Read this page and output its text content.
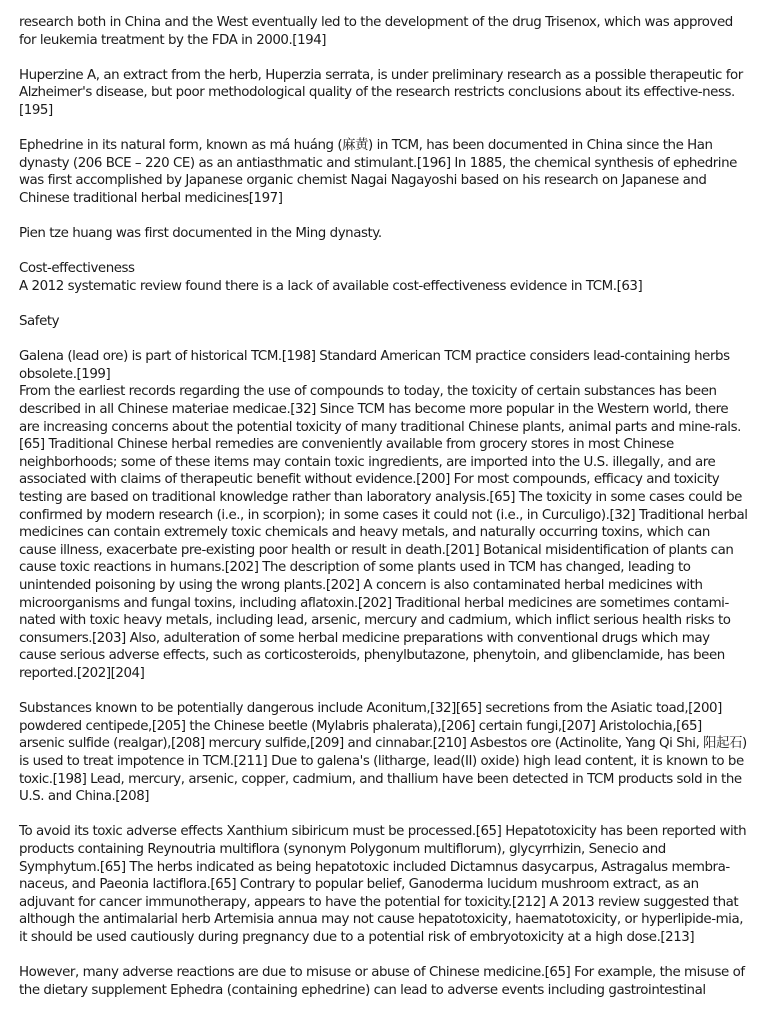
research both in China and the West eventually led to the development of the drug Trisenox, which was approved for leukemia treatment by the FDA in 2000.[194]

Huperzine A, an extract from the herb, Huperzia serrata, is under preliminary research as a possible therapeutic for Alzheimer's disease, but poor methodological quality of the research restricts conclusions about its effective-ness.[195]

Ephedrine in its natural form, known as má huáng (麻黄) in TCM, has been documented in China since the Han dynasty (206 BCE – 220 CE) as an antiasthmatic and stimulant.[196] In 1885, the chemical synthesis of ephedrine was first accomplished by Japanese organic chemist Nagai Nagayoshi based on his research on Japanese and Chinese traditional herbal medicines[197]

Pien tze huang was first documented in the Ming dynasty.

Cost-effectiveness

A 2012 systematic review found there is a lack of available cost-effectiveness evidence in TCM.[63]

Safety

Galena (lead ore) is part of historical TCM.[198] Standard American TCM practice considers lead-containing herbs obsolete.[199]

From the earliest records regarding the use of compounds to today, the toxicity of certain substances has been described in all Chinese materiae medicae.[32] Since TCM has become more popular in the Western world, there are increasing concerns about the potential toxicity of many traditional Chinese plants, animal parts and mine-rals.[65] Traditional Chinese herbal remedies are conveniently available from grocery stores in most Chinese neighborhoods; some of these items may contain toxic ingredients, are imported into the U.S. illegally, and are associated with claims of therapeutic benefit without evidence.[200] For most compounds, efficacy and toxicity testing are based on traditional knowledge rather than laboratory analysis.[65] The toxicity in some cases could be confirmed by modern research (i.e., in scorpion); in some cases it could not (i.e., in Curculigo).[32] Traditional herbal medicines can contain extremely toxic chemicals and heavy metals, and naturally occurring toxins, which can cause illness, exacerbate pre-existing poor health or result in death.[201] Botanical misidentification of plants can cause toxic reactions in humans.[202] The description of some plants used in TCM has changed, leading to unintended poisoning by using the wrong plants.[202] A concern is also contaminated herbal medicines with microorganisms and fungal toxins, including aflatoxin.[202] Traditional herbal medicines are sometimes contami-nated with toxic heavy metals, including lead, arsenic, mercury and cadmium, which inflict serious health risks to consumers.[203] Also, adulteration of some herbal medicine preparations with conventional drugs which may cause serious adverse effects, such as corticosteroids, phenylbutazone, phenytoin, and glibenclamide, has been reported.[202][204]

Substances known to be potentially dangerous include Aconitum,[32][65] secretions from the Asiatic toad,[200] powdered centipede,[205] the Chinese beetle (Mylabris phalerata),[206] certain fungi,[207] Aristolochia,[65] arsenic sulfide (realgar),[208] mercury sulfide,[209] and cinnabar.[210] Asbestos ore (Actinolite, Yang Qi Shi, 阳起石) is used to treat impotence in TCM.[211] Due to galena's (litharge, lead(II) oxide) high lead content, it is known to be toxic.[198] Lead, mercury, arsenic, copper, cadmium, and thallium have been detected in TCM products sold in the U.S. and China.[208]

To avoid its toxic adverse effects Xanthium sibiricum must be processed.[65] Hepatotoxicity has been reported with products containing Reynoutria multiflora (synonym Polygonum multiflorum), glycyrrhizin, Senecio and Symphytum.[65] The herbs indicated as being hepatotoxic included Dictamnus dasycarpus, Astragalus membra-naceus, and Paeonia lactiflora.[65] Contrary to popular belief, Ganoderma lucidum mushroom extract, as an adjuvant for cancer immunotherapy, appears to have the potential for toxicity.[212] A 2013 review suggested that although the antimalarial herb Artemisia annua may not cause hepatotoxicity, haematotoxicity, or hyperlipide-mia, it should be used cautiously during pregnancy due to a potential risk of embryotoxicity at a high dose.[213]

However, many adverse reactions are due to misuse or abuse of Chinese medicine.[65] For example, the misuse of the dietary supplement Ephedra (containing ephedrine) can lead to adverse events including gastrointestinal
